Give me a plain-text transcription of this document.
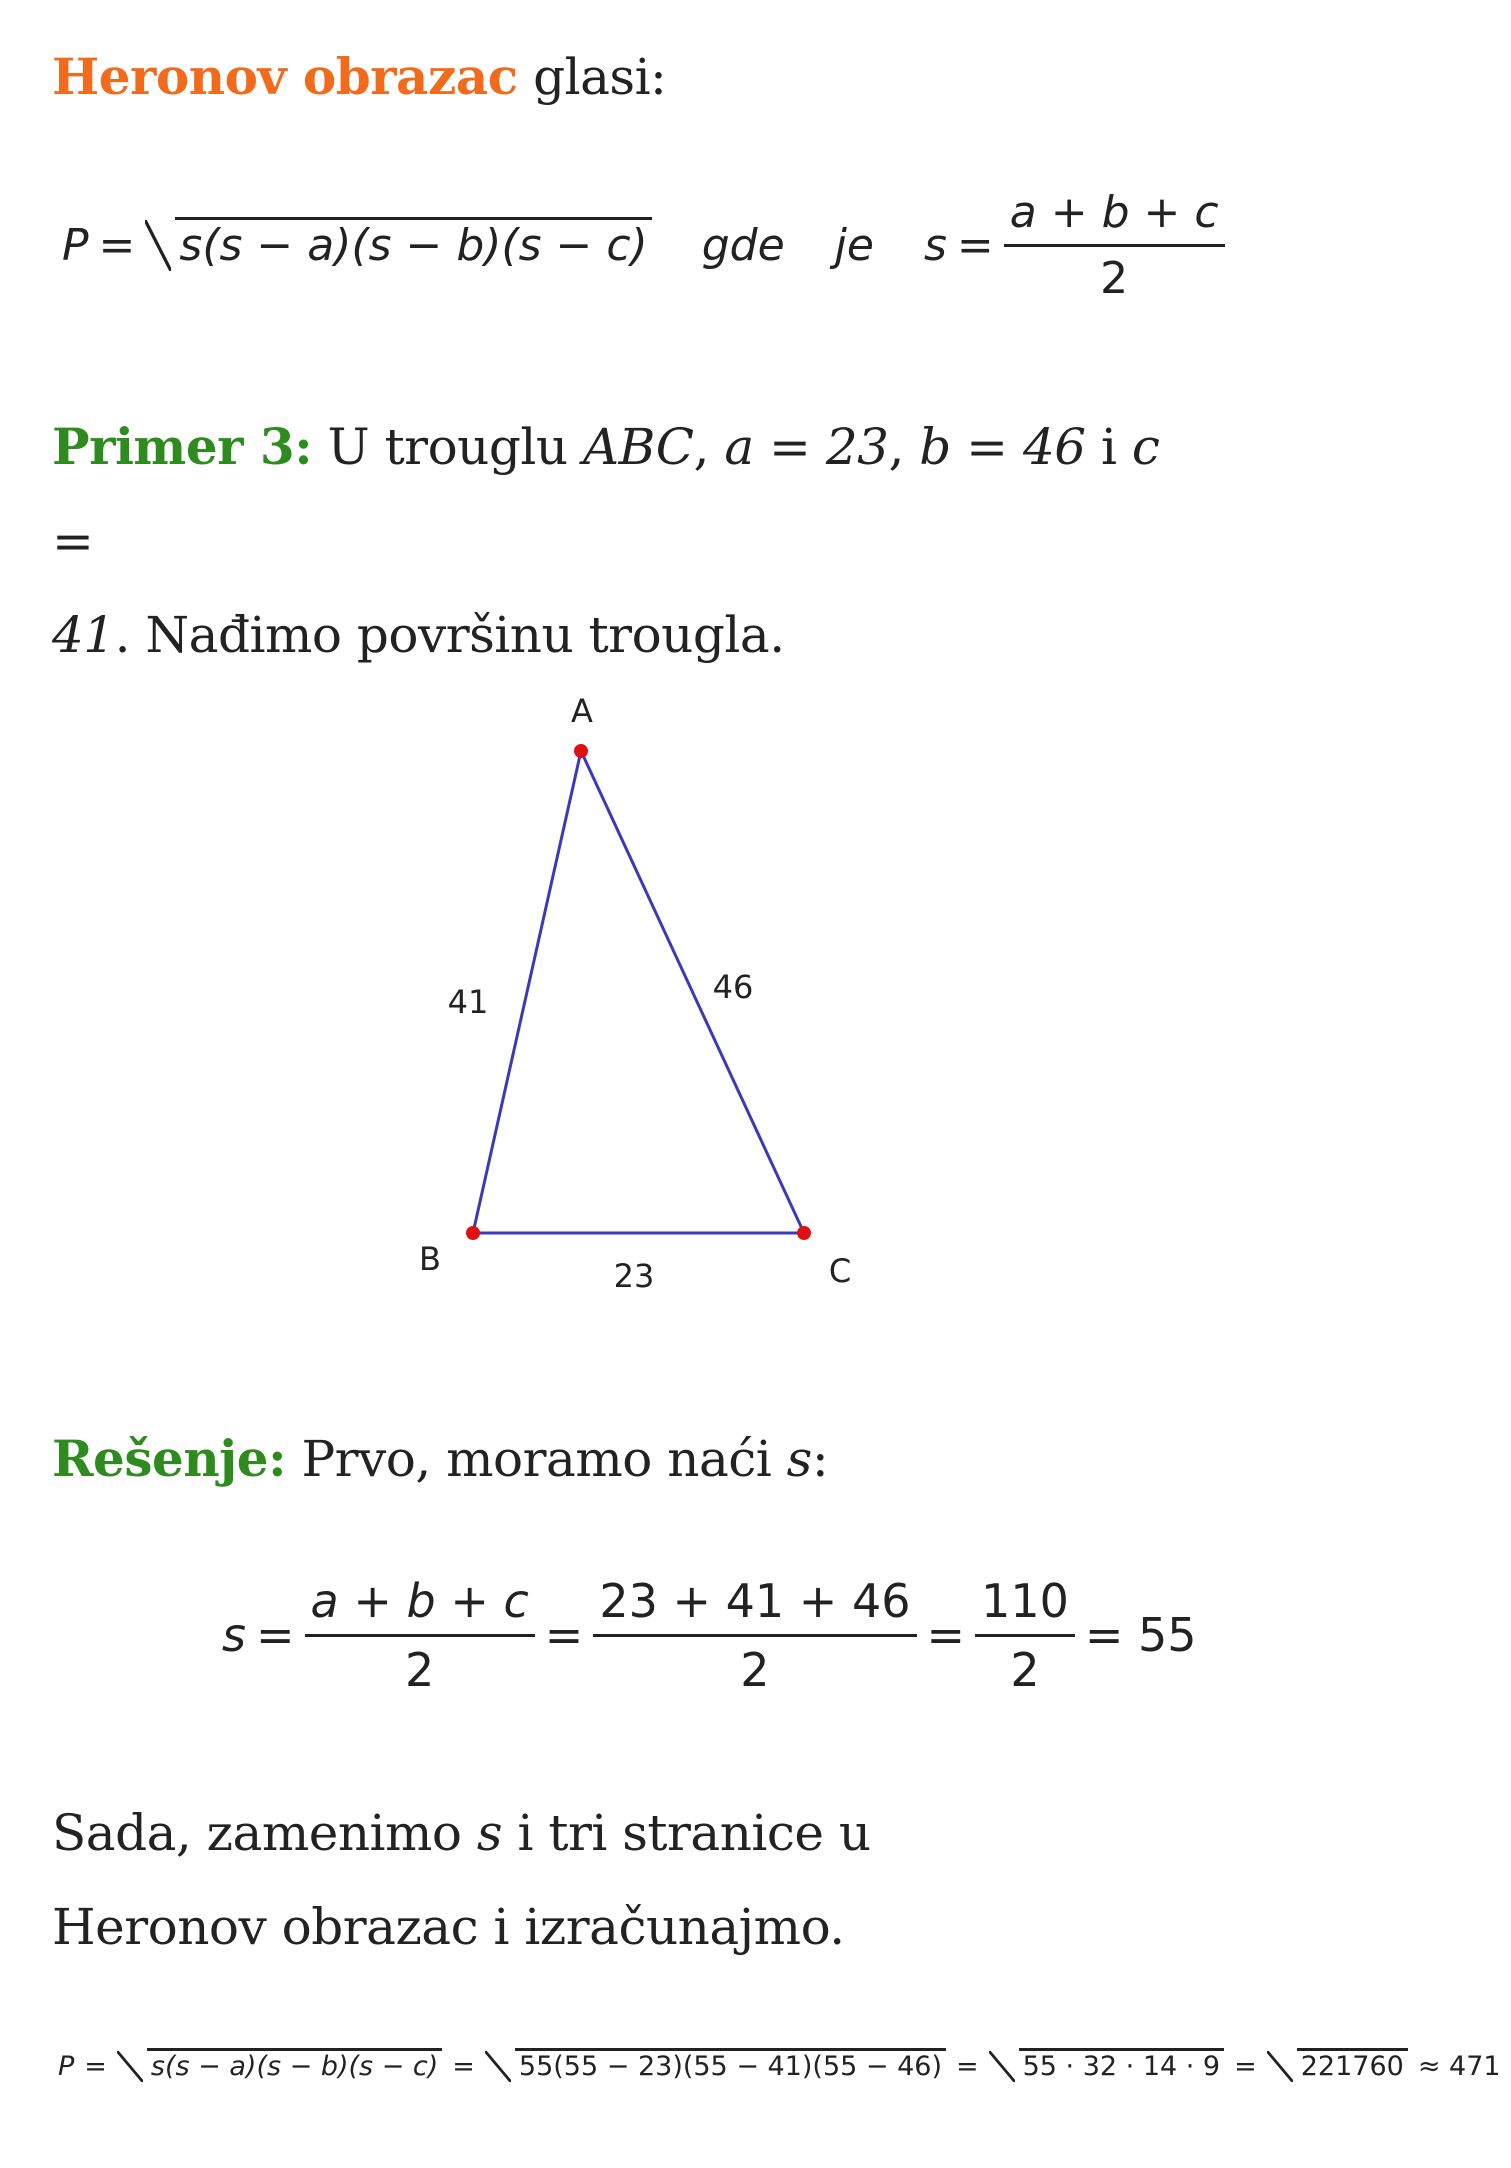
Heronov obrazac glasi:
P =	s(s − a)(s − b)(s − c) gde je $s = \frac{a + b + c}{2}$
Primer 3: U trouglu ABC, a = 23, b = 46 i c =
41. Nađimo površinu trougla.
A
B	C
41	46
23
Rešenje: Prvo, moramo naći s:
$s = \frac{a + b + c}{2} = \frac{23 + 41 + 46}{2} = \frac{110}{2} = 55$
Sada, zamenimo s i tri stranice u Heronov obrazac i izračunajmo.
P =	s(s − a)(s − b)(s − c) =	55(55 − 23)(55 − 41)(55 − 46) =	55 · 32 · 14 · 9 =	221760 ≈ 471
